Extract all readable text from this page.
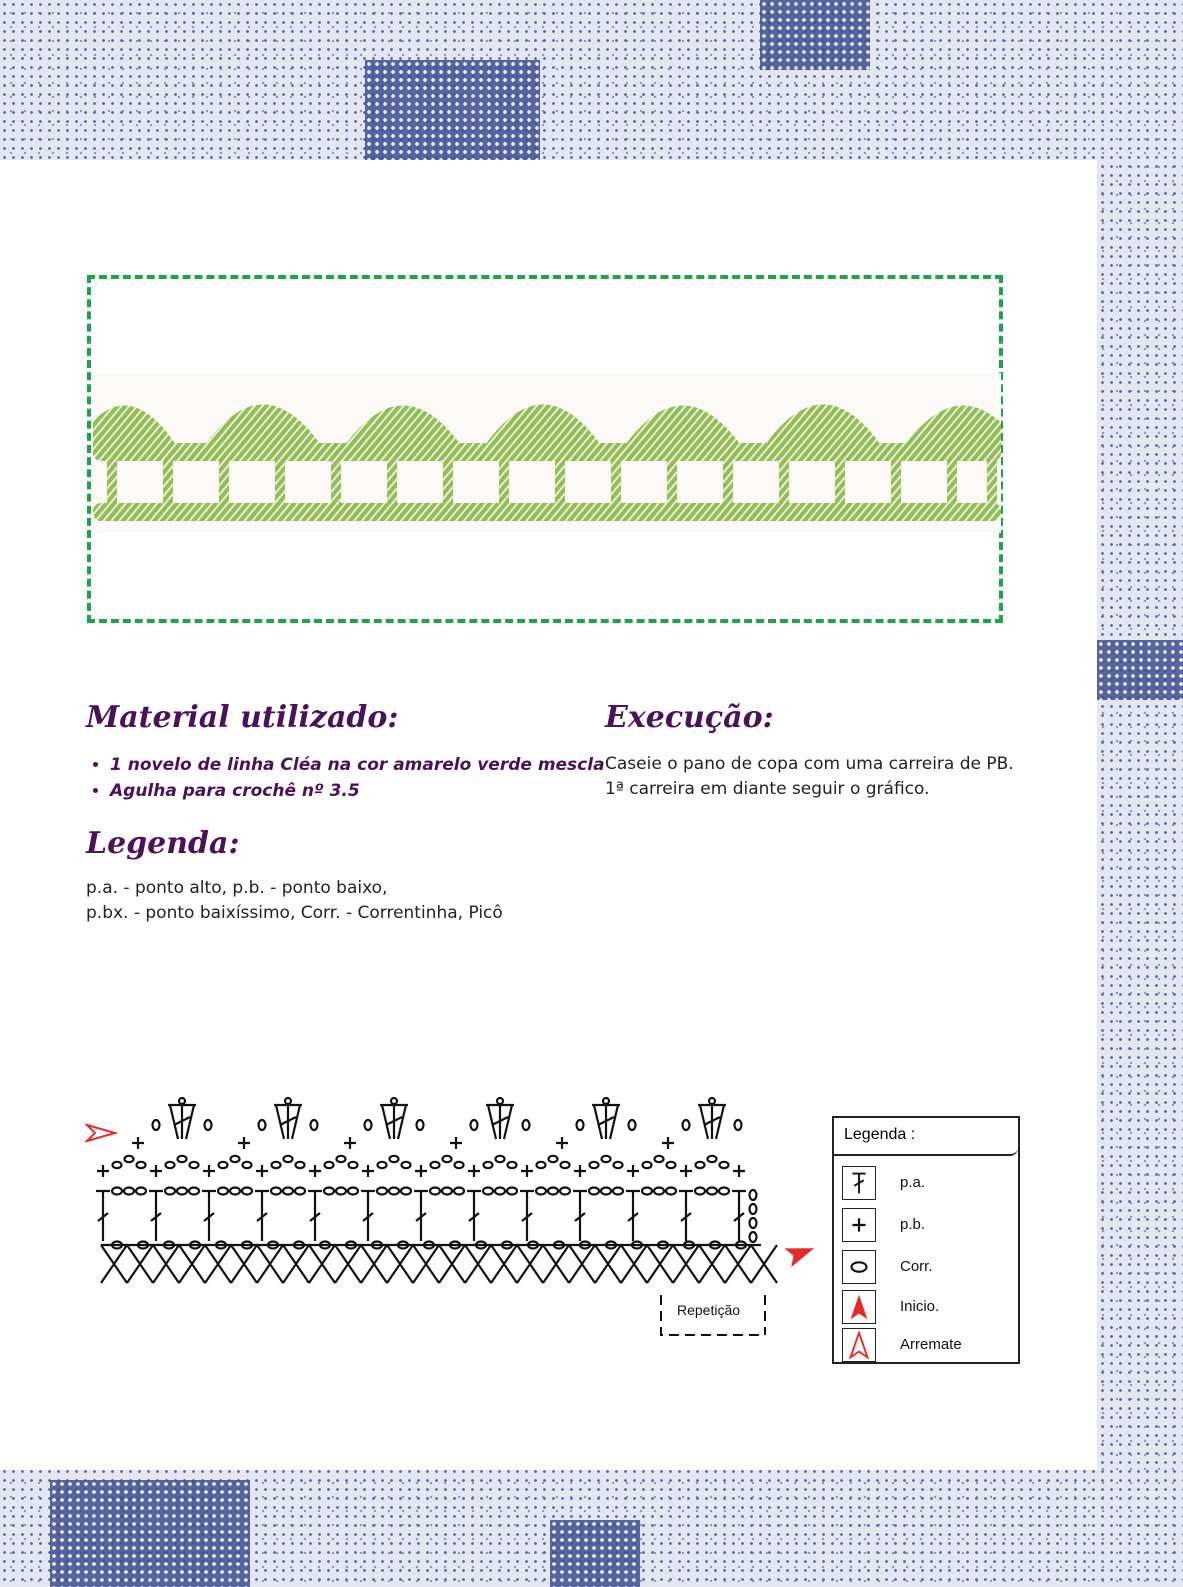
Material utilizado:
• 1 novelo de linha Cléa na cor amarelo verde mescla
• Agulha para crochê nº 3.5
Execução:

Caseie o pano de copa com uma carreira de PB.

1ª carreira em diante seguir o gráfico.

Legenda:

p.a. - ponto alto, p.b. - ponto baixo,

p.bx. - ponto baixíssimo, Corr. - Correntinha, Picô

Repetição
Legenda :
p.a.
p.b.
Corr.
Inicio.
Arremate
